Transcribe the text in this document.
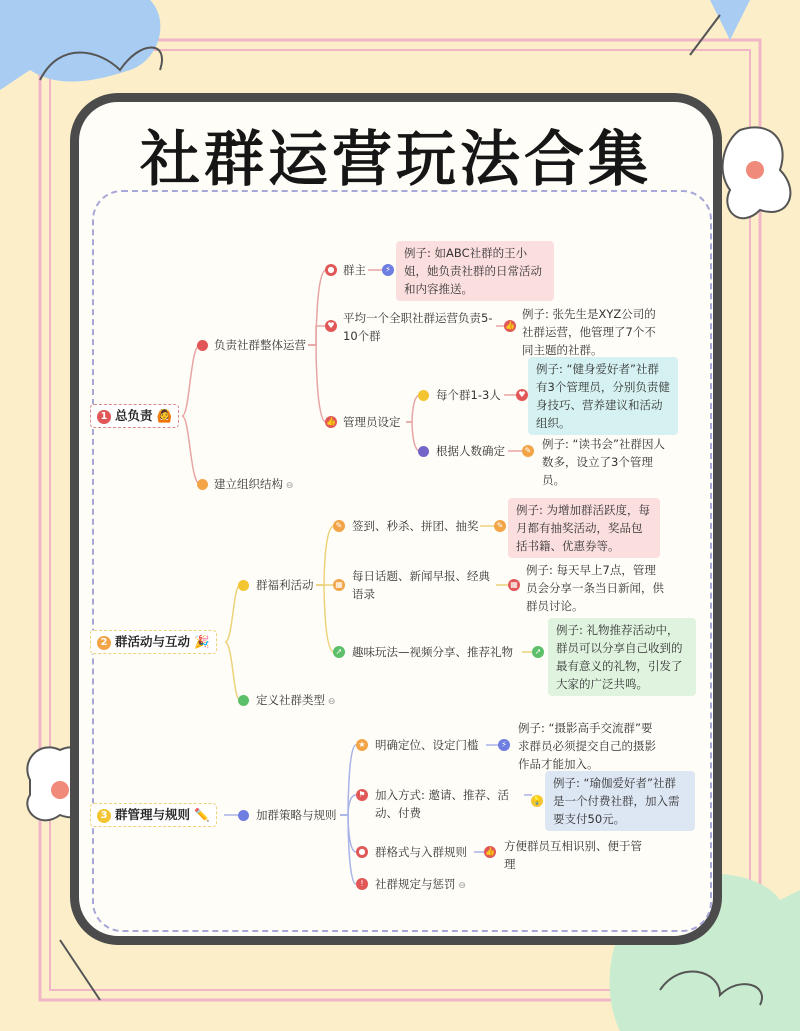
社群运营玩法合集
1 总负责 🙆
负责社群整体运营
● 群主	⚡
例子: 如ABC社群的王小姐，她负责社群的日常活动和内容推送。
♥
平均一个全职社群运营负责5-10个群
👍
例子: 张先生是XYZ公司的社群运营，他管理了7个不同主题的社群。
👍 管理员设定
每个群1-3人	♥
例子: “健身爱好者”社群有3个管理员，分别负责健身技巧、营养建议和活动组织。
根据人数确定	✎ 例子: “读书会”社群因人数多，设立了3个管理员。
建立组织结构 ⊖
2 群活动与互动 🎉
群福利活动
✎ 签到、秒杀、拼团、抽奖	✎
例子: 为增加群活跃度，每月都有抽奖活动，奖品包括书籍、优惠券等。
▦
每日话题、新闻早报、经典语录
▦
例子: 每天早上7点，管理员会分享一条当日新闻，供群员讨论。
➚ 趣味玩法—视频分享、推荐礼物	➚
例子: 礼物推荐活动中，群员可以分享自己收到的最有意义的礼物，引发了大家的广泛共鸣。
定义社群类型 ⊖
3 群管理与规则 ✏️	加群策略与规则
★ 明确定位、设定门槛	⚡
例子: “摄影高手交流群”要求群员必须提交自己的摄影作品才能加入。
⚑ 加入方式: 邀请、推荐、活动、付费
💡
例子: “瑜伽爱好者”社群是一个付费社群，加入需要支付50元。
● 群格式与入群规则 👍 方便群员互相识别、便于管理
! 社群规定与惩罚 ⊖
